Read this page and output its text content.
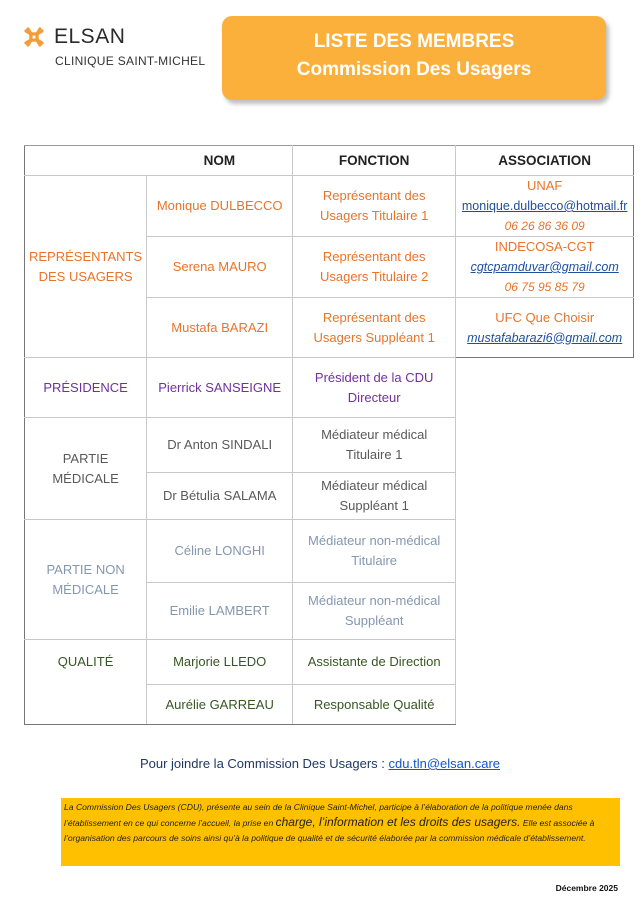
ELSAN
CLINIQUE SAINT-MICHEL
LISTE DES MEMBRES
Commission Des Usagers
	NOM	FONCTION	ASSOCIATION
REPRÉSENTANTS DES USAGERS	Monique DULBECCO	Représentant des Usagers Titulaire 1	UNAF
monique.dulbecco@hotmail.fr
06 26 86 36 09

	Serena MAURO	Représentant des Usagers Titulaire 2	INDECOSA-CGT
cgtcpamduvar@gmail.com
06 75 95 85 79

	Mustafa BARAZI	Représentant des Usagers Suppléant 1	UFC Que Choisir
mustafabarazi6@gmail.com

PRÉSIDENCE	Pierrick SANSEIGNE	Président de la CDU Directeur	
PARTIE MÉDICALE	Dr Anton SINDALI	Médiateur médical Titulaire 1	
	Dr Bétulia SALAMA	Médiateur médical Suppléant 1	
PARTIE NON MÉDICALE	Céline LONGHI	Médiateur non-médical Titulaire	
	Emilie LAMBERT	Médiateur non-médical Suppléant	
QUALITÉ	Marjorie LLEDO	Assistante de Direction	
	Aurélie GARREAU	Responsable Qualité	
Pour joindre la Commission Des Usagers : cdu.tln@elsan.care
La Commission Des Usagers (CDU), présente au sein de la Clinique Saint-Michel, participe à l’élaboration de la politique menée dans l’établissement en ce qui concerne l’accueil, la prise en charge, l’information et les droits des usagers. Elle est associée à l’organisation des parcours de soins ainsi qu’à la politique de qualité et de sécurité élaborée par la commission médicale d’établissement.
Décembre 2025
